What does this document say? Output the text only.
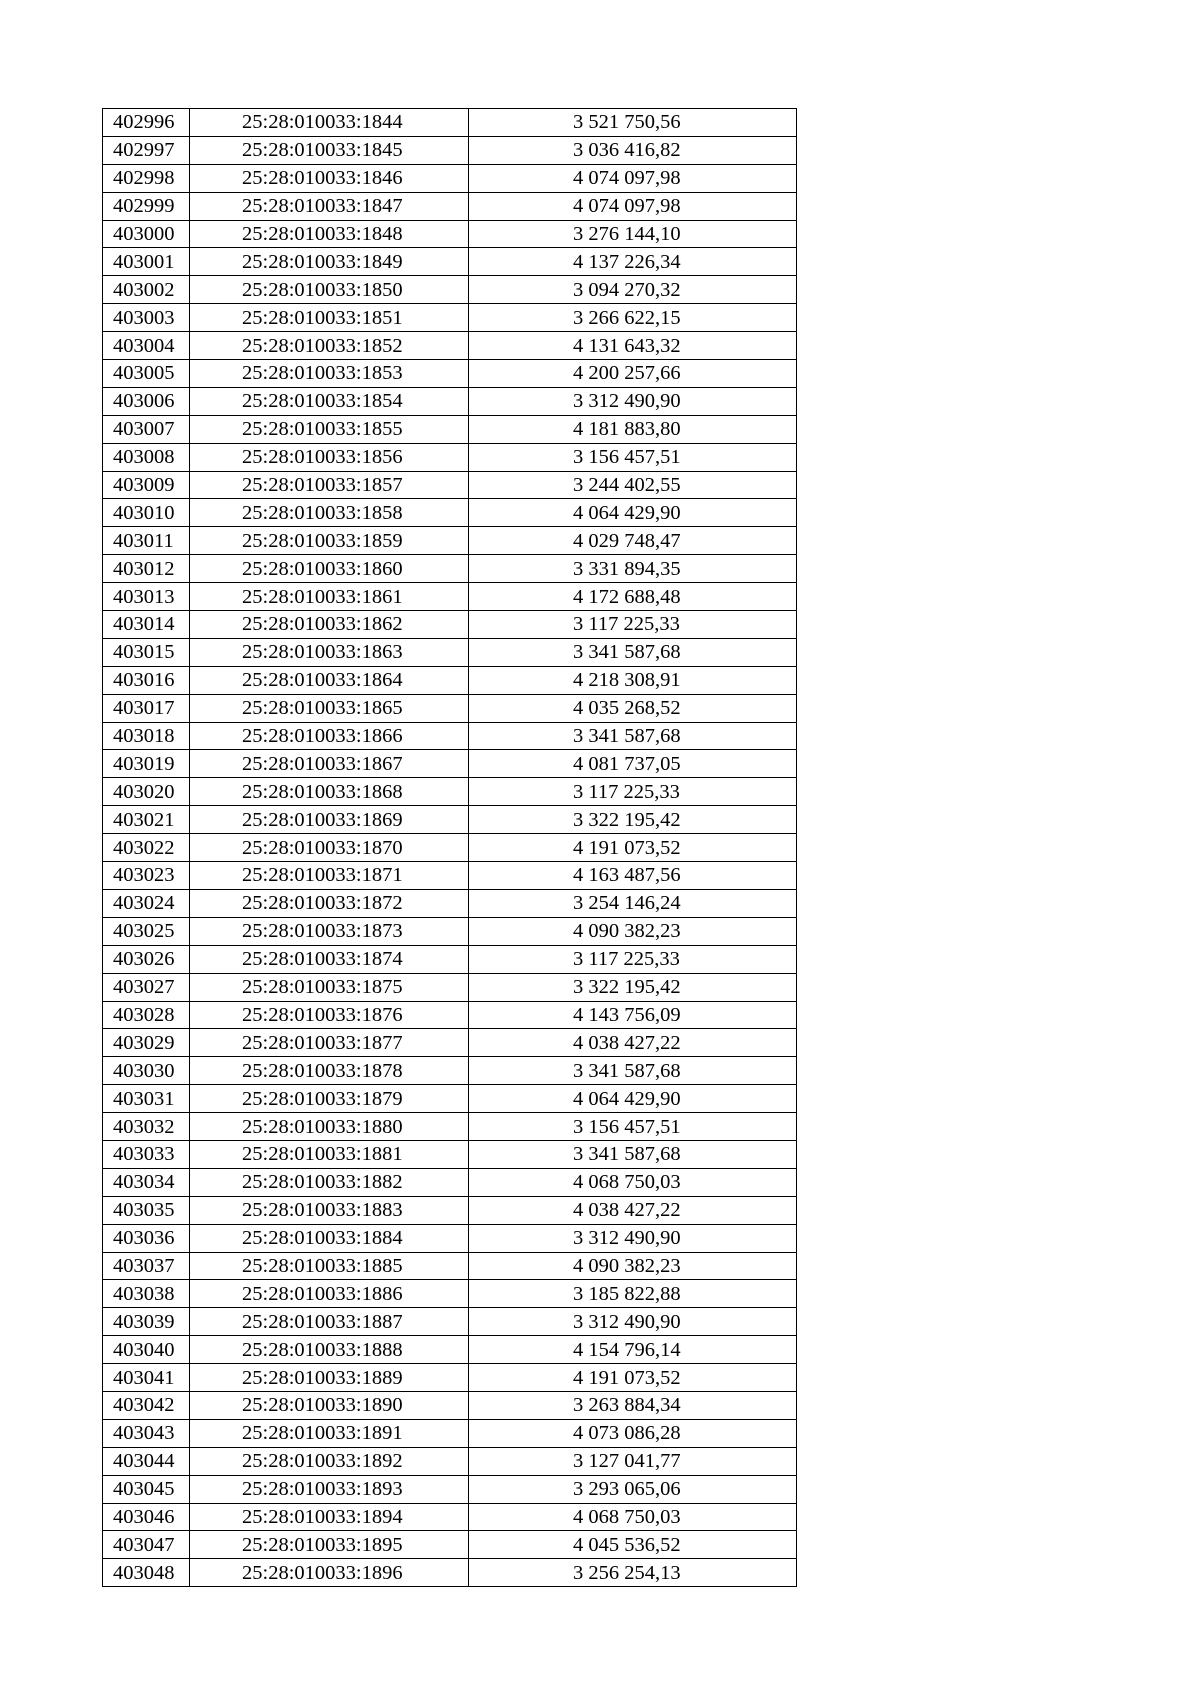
402996	25:28:010033:1844	3 521 750,56
402997	25:28:010033:1845	3 036 416,82
402998	25:28:010033:1846	4 074 097,98
402999	25:28:010033:1847	4 074 097,98
403000	25:28:010033:1848	3 276 144,10
403001	25:28:010033:1849	4 137 226,34
403002	25:28:010033:1850	3 094 270,32
403003	25:28:010033:1851	3 266 622,15
403004	25:28:010033:1852	4 131 643,32
403005	25:28:010033:1853	4 200 257,66
403006	25:28:010033:1854	3 312 490,90
403007	25:28:010033:1855	4 181 883,80
403008	25:28:010033:1856	3 156 457,51
403009	25:28:010033:1857	3 244 402,55
403010	25:28:010033:1858	4 064 429,90
403011	25:28:010033:1859	4 029 748,47
403012	25:28:010033:1860	3 331 894,35
403013	25:28:010033:1861	4 172 688,48
403014	25:28:010033:1862	3 117 225,33
403015	25:28:010033:1863	3 341 587,68
403016	25:28:010033:1864	4 218 308,91
403017	25:28:010033:1865	4 035 268,52
403018	25:28:010033:1866	3 341 587,68
403019	25:28:010033:1867	4 081 737,05
403020	25:28:010033:1868	3 117 225,33
403021	25:28:010033:1869	3 322 195,42
403022	25:28:010033:1870	4 191 073,52
403023	25:28:010033:1871	4 163 487,56
403024	25:28:010033:1872	3 254 146,24
403025	25:28:010033:1873	4 090 382,23
403026	25:28:010033:1874	3 117 225,33
403027	25:28:010033:1875	3 322 195,42
403028	25:28:010033:1876	4 143 756,09
403029	25:28:010033:1877	4 038 427,22
403030	25:28:010033:1878	3 341 587,68
403031	25:28:010033:1879	4 064 429,90
403032	25:28:010033:1880	3 156 457,51
403033	25:28:010033:1881	3 341 587,68
403034	25:28:010033:1882	4 068 750,03
403035	25:28:010033:1883	4 038 427,22
403036	25:28:010033:1884	3 312 490,90
403037	25:28:010033:1885	4 090 382,23
403038	25:28:010033:1886	3 185 822,88
403039	25:28:010033:1887	3 312 490,90
403040	25:28:010033:1888	4 154 796,14
403041	25:28:010033:1889	4 191 073,52
403042	25:28:010033:1890	3 263 884,34
403043	25:28:010033:1891	4 073 086,28
403044	25:28:010033:1892	3 127 041,77
403045	25:28:010033:1893	3 293 065,06
403046	25:28:010033:1894	4 068 750,03
403047	25:28:010033:1895	4 045 536,52
403048	25:28:010033:1896	3 256 254,13
